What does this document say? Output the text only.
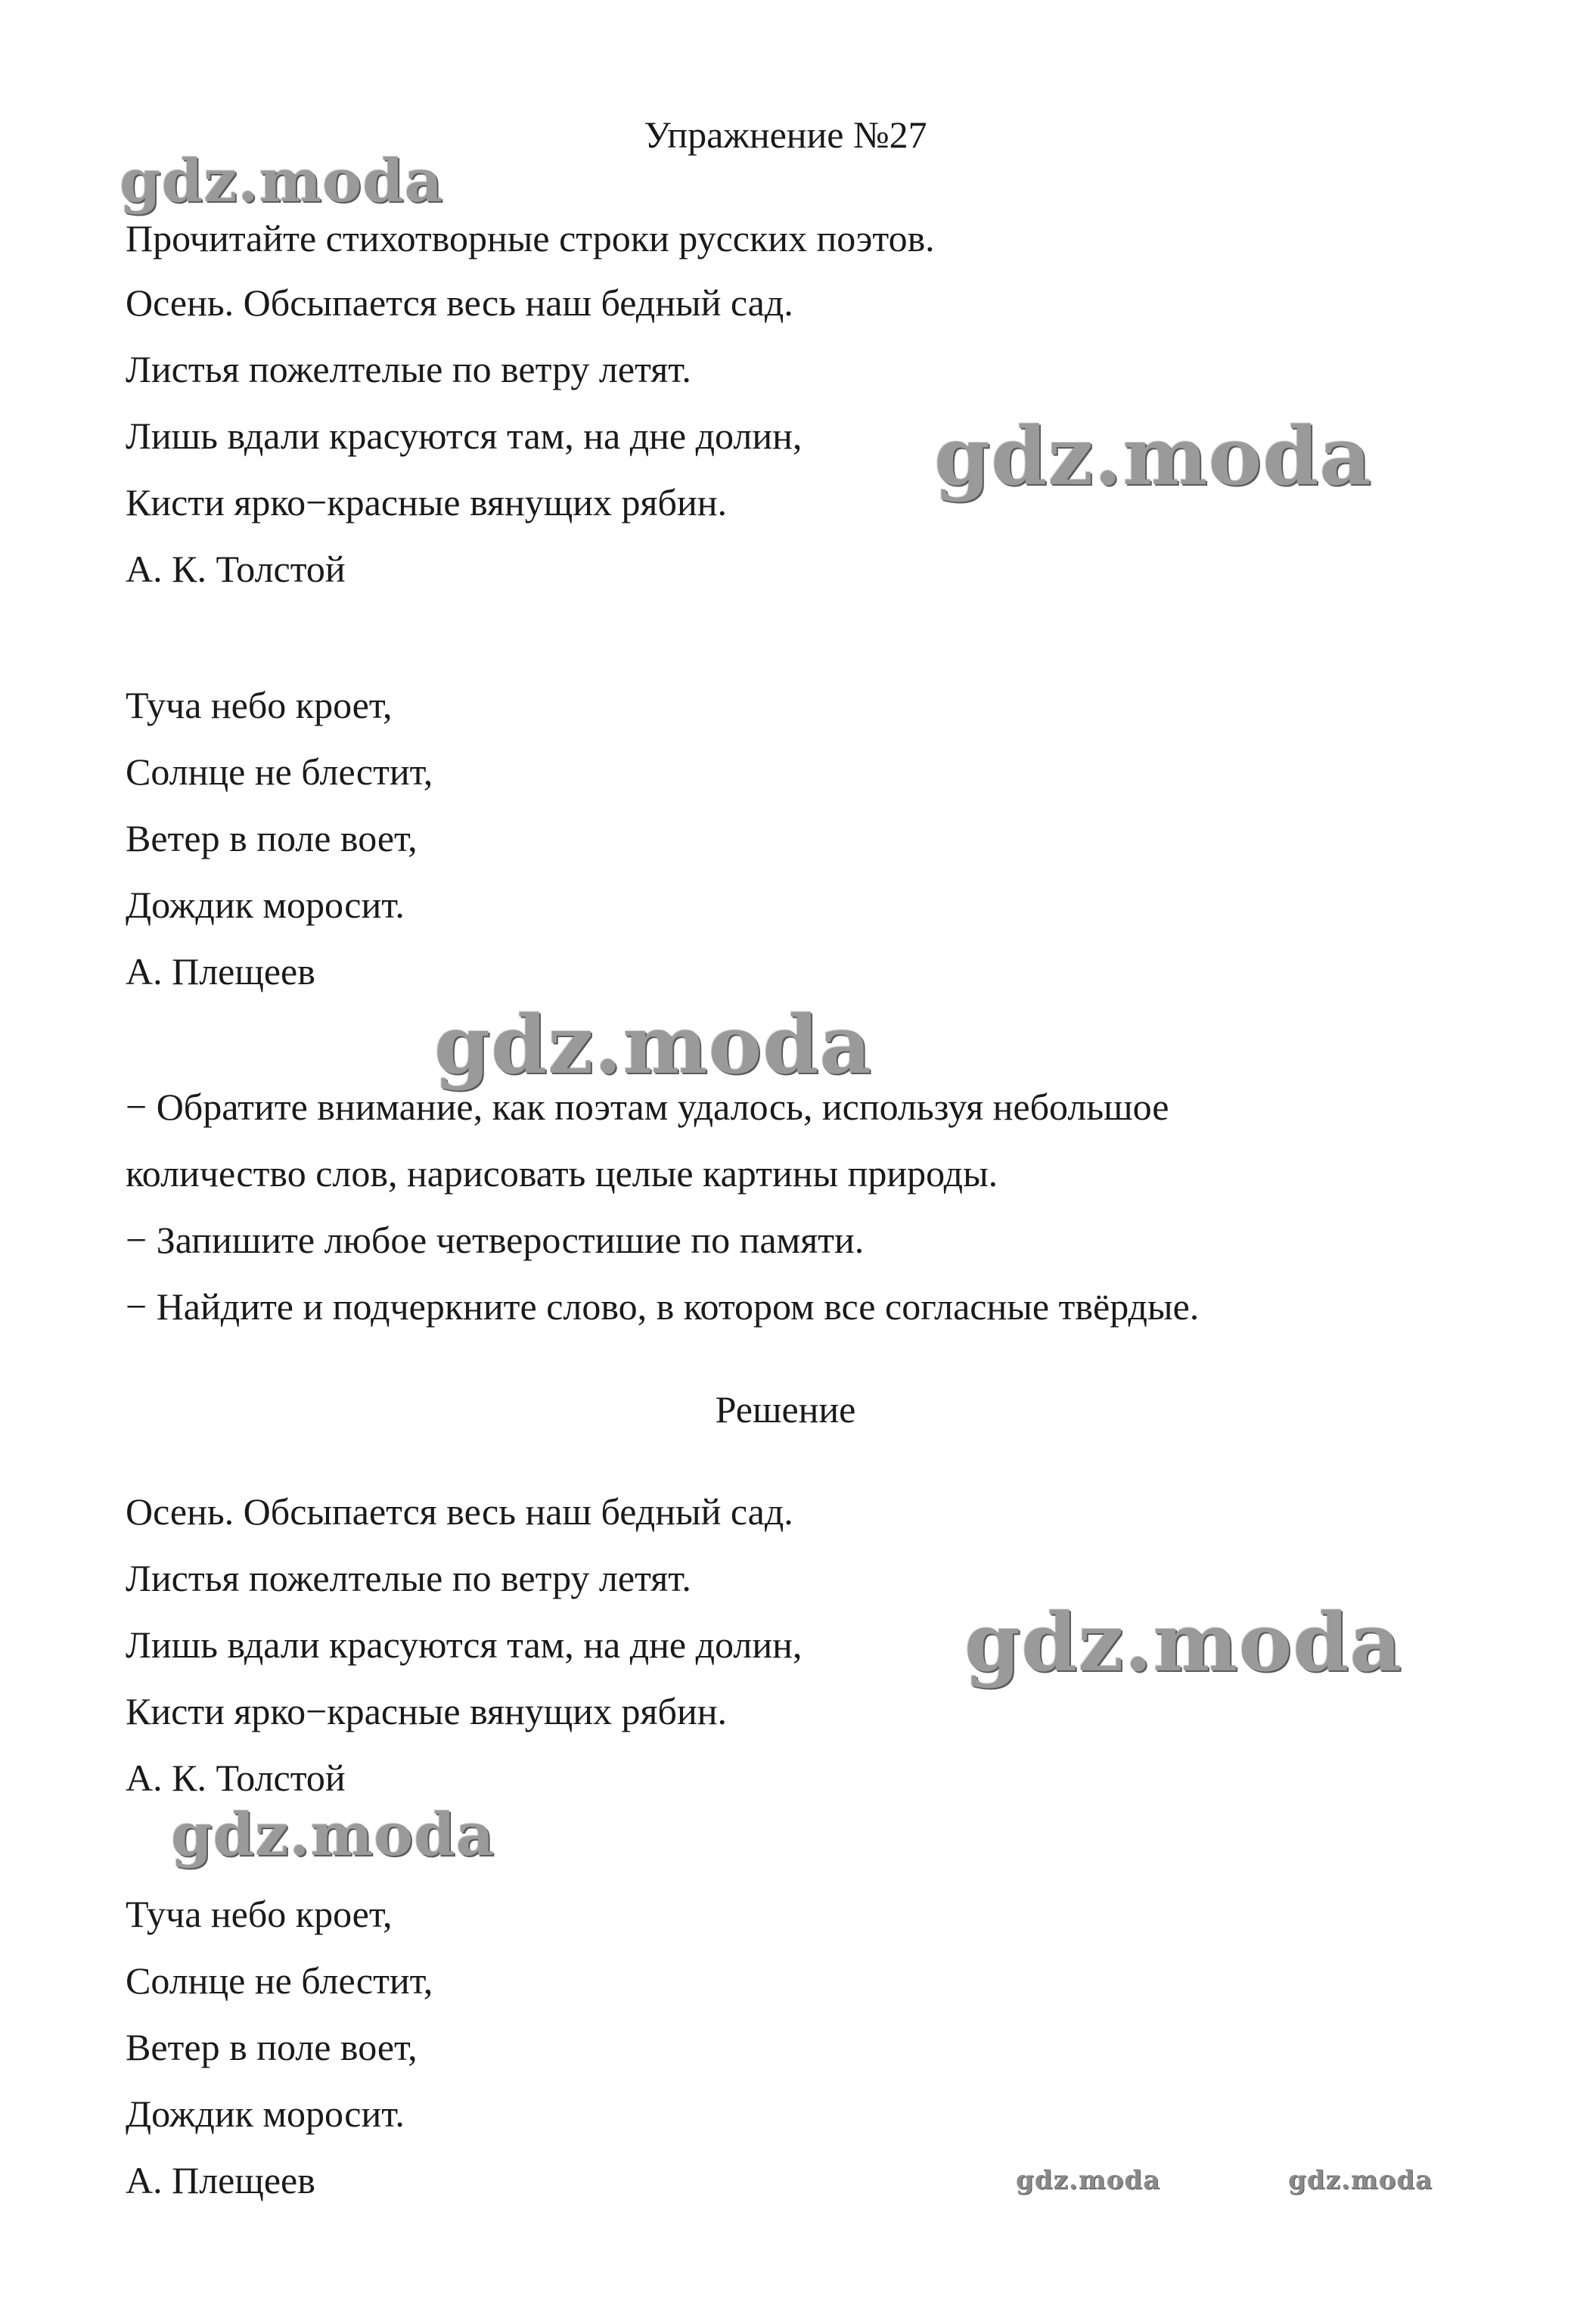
Упражнение №27
Прочитайте стихотворные строки русских поэтов.
Осень. Обсыпается весь наш бедный сад.
Листья пожелтелые по ветру летят.
Лишь вдали красуются там, на дне долин,
Кисти ярко−красные вянущих рябин.
А. К. Толстой
Туча небо кроет,
Солнце не блестит,
Ветер в поле воет,
Дождик моросит.
А. Плещеев
− Обратите внимание, как поэтам удалось, используя небольшое
количество слов, нарисовать целые картины природы.
− Запишите любое четверостишие по памяти.
− Найдите и подчеркните слово, в котором все согласные твёрдые.
Решение
Осень. Обсыпается весь наш бедный сад.
Листья пожелтелые по ветру летят.
Лишь вдали красуются там, на дне долин,
Кисти ярко−красные вянущих рябин.
А. К. Толстой
Туча небо кроет,
Солнце не блестит,
Ветер в поле воет,
Дождик моросит.
А. Плещеев
gdz.moda
gdz.moda
gdz.moda
gdz.moda
gdz.moda
gdz.moda	gdz.moda
